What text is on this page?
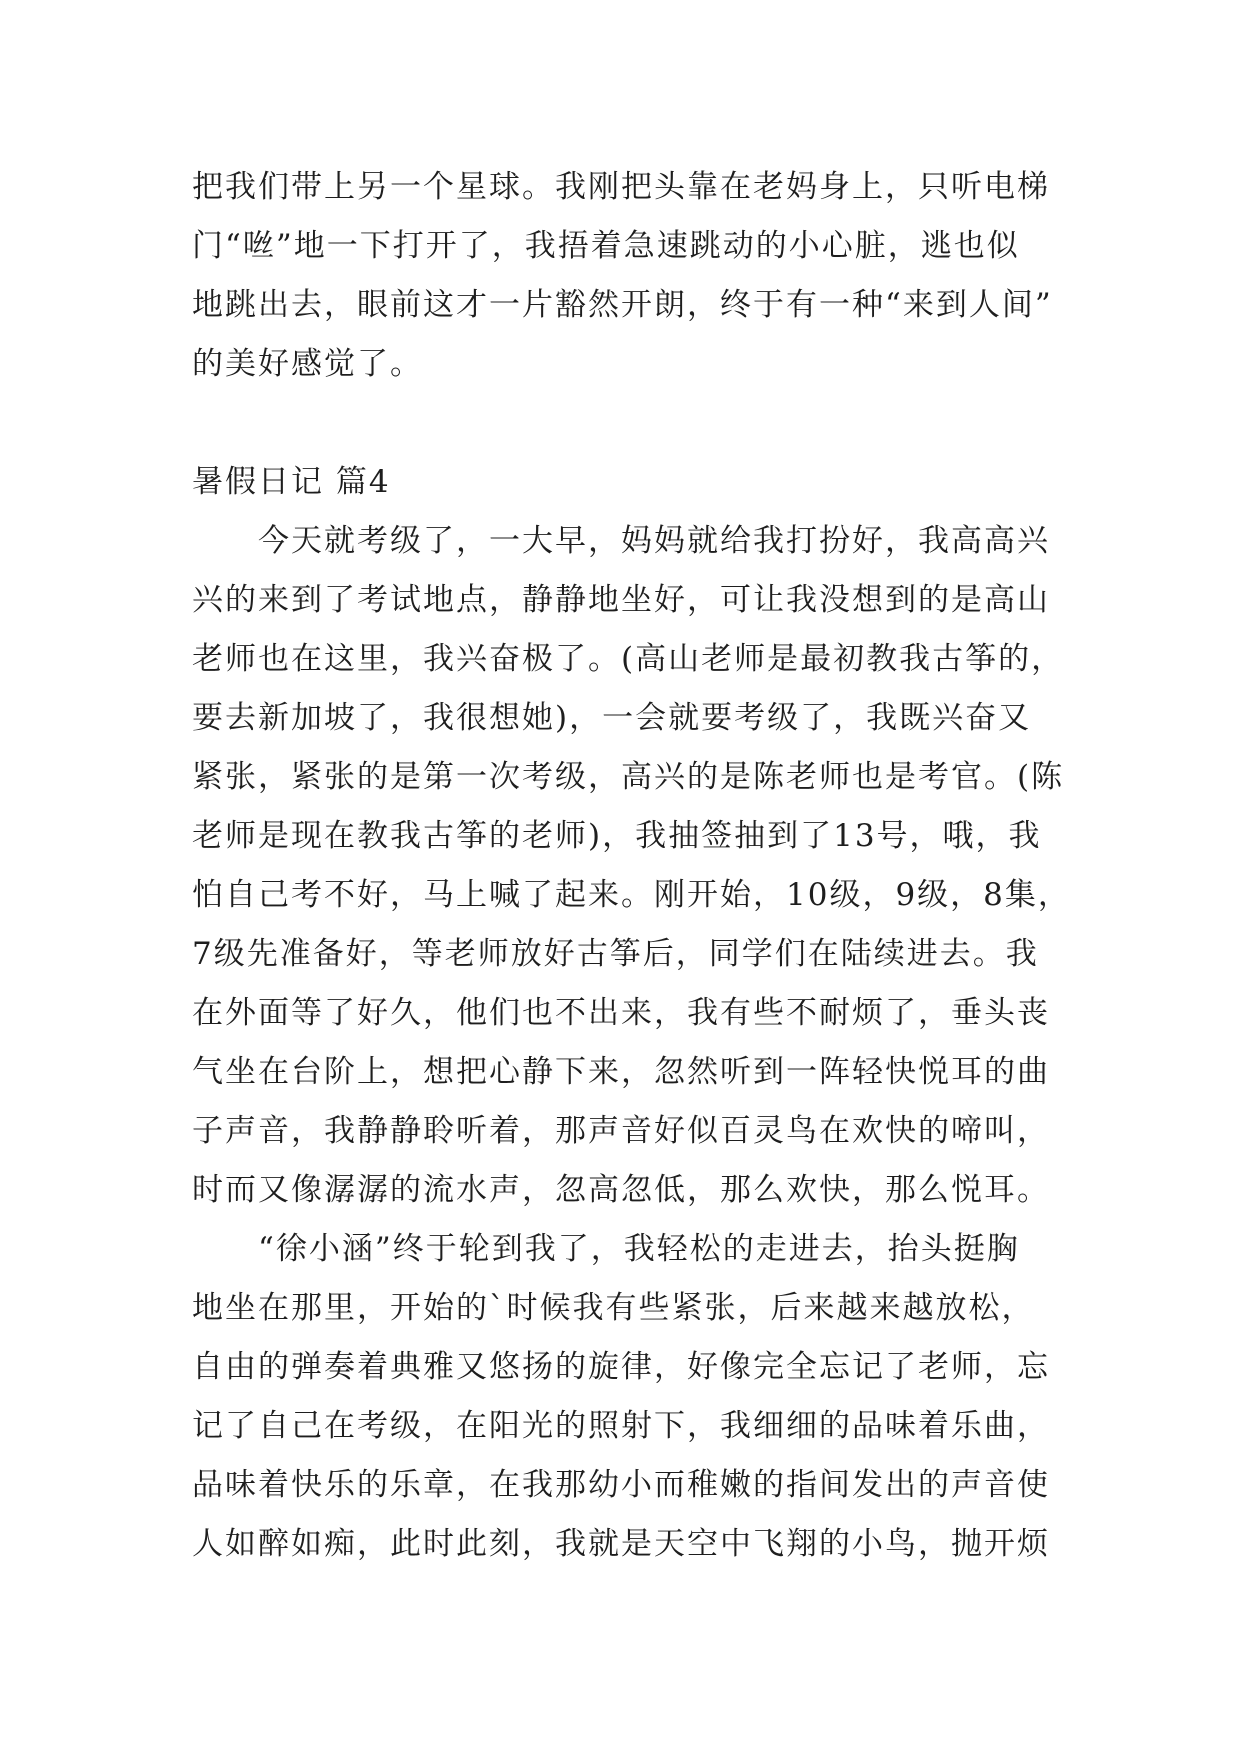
把我们带上另一个星球。我刚把头靠在老妈身上，只听电梯
门“咝”地一下打开了，我捂着急速跳动的小心脏，逃也似
地跳出去，眼前这才一片豁然开朗，终于有一种“来到人间”
的美好感觉了。
暑假日记 篇4
　　今天就考级了，一大早，妈妈就给我打扮好，我高高兴
兴的来到了考试地点，静静地坐好，可让我没想到的是高山
老师也在这里，我兴奋极了。(高山老师是最初教我古筝的，
要去新加坡了，我很想她)，一会就要考级了，我既兴奋又
紧张，紧张的是第一次考级，高兴的是陈老师也是考官。(陈
老师是现在教我古筝的老师)，我抽签抽到了13号，哦，我
怕自己考不好，马上喊了起来。刚开始，10级，9级，8集，
7级先准备好，等老师放好古筝后，同学们在陆续进去。我
在外面等了好久，他们也不出来，我有些不耐烦了，垂头丧
气坐在台阶上，想把心静下来，忽然听到一阵轻快悦耳的曲
子声音，我静静聆听着，那声音好似百灵鸟在欢快的啼叫，
时而又像潺潺的流水声，忽高忽低，那么欢快，那么悦耳。
　　“徐小涵”终于轮到我了，我轻松的走进去，抬头挺胸
地坐在那里，开始的`时候我有些紧张，后来越来越放松，
自由的弹奏着典雅又悠扬的旋律，好像完全忘记了老师，忘
记了自己在考级，在阳光的照射下，我细细的品味着乐曲，
品味着快乐的乐章，在我那幼小而稚嫩的指间发出的声音使
人如醉如痴，此时此刻，我就是天空中飞翔的小鸟，抛开烦
